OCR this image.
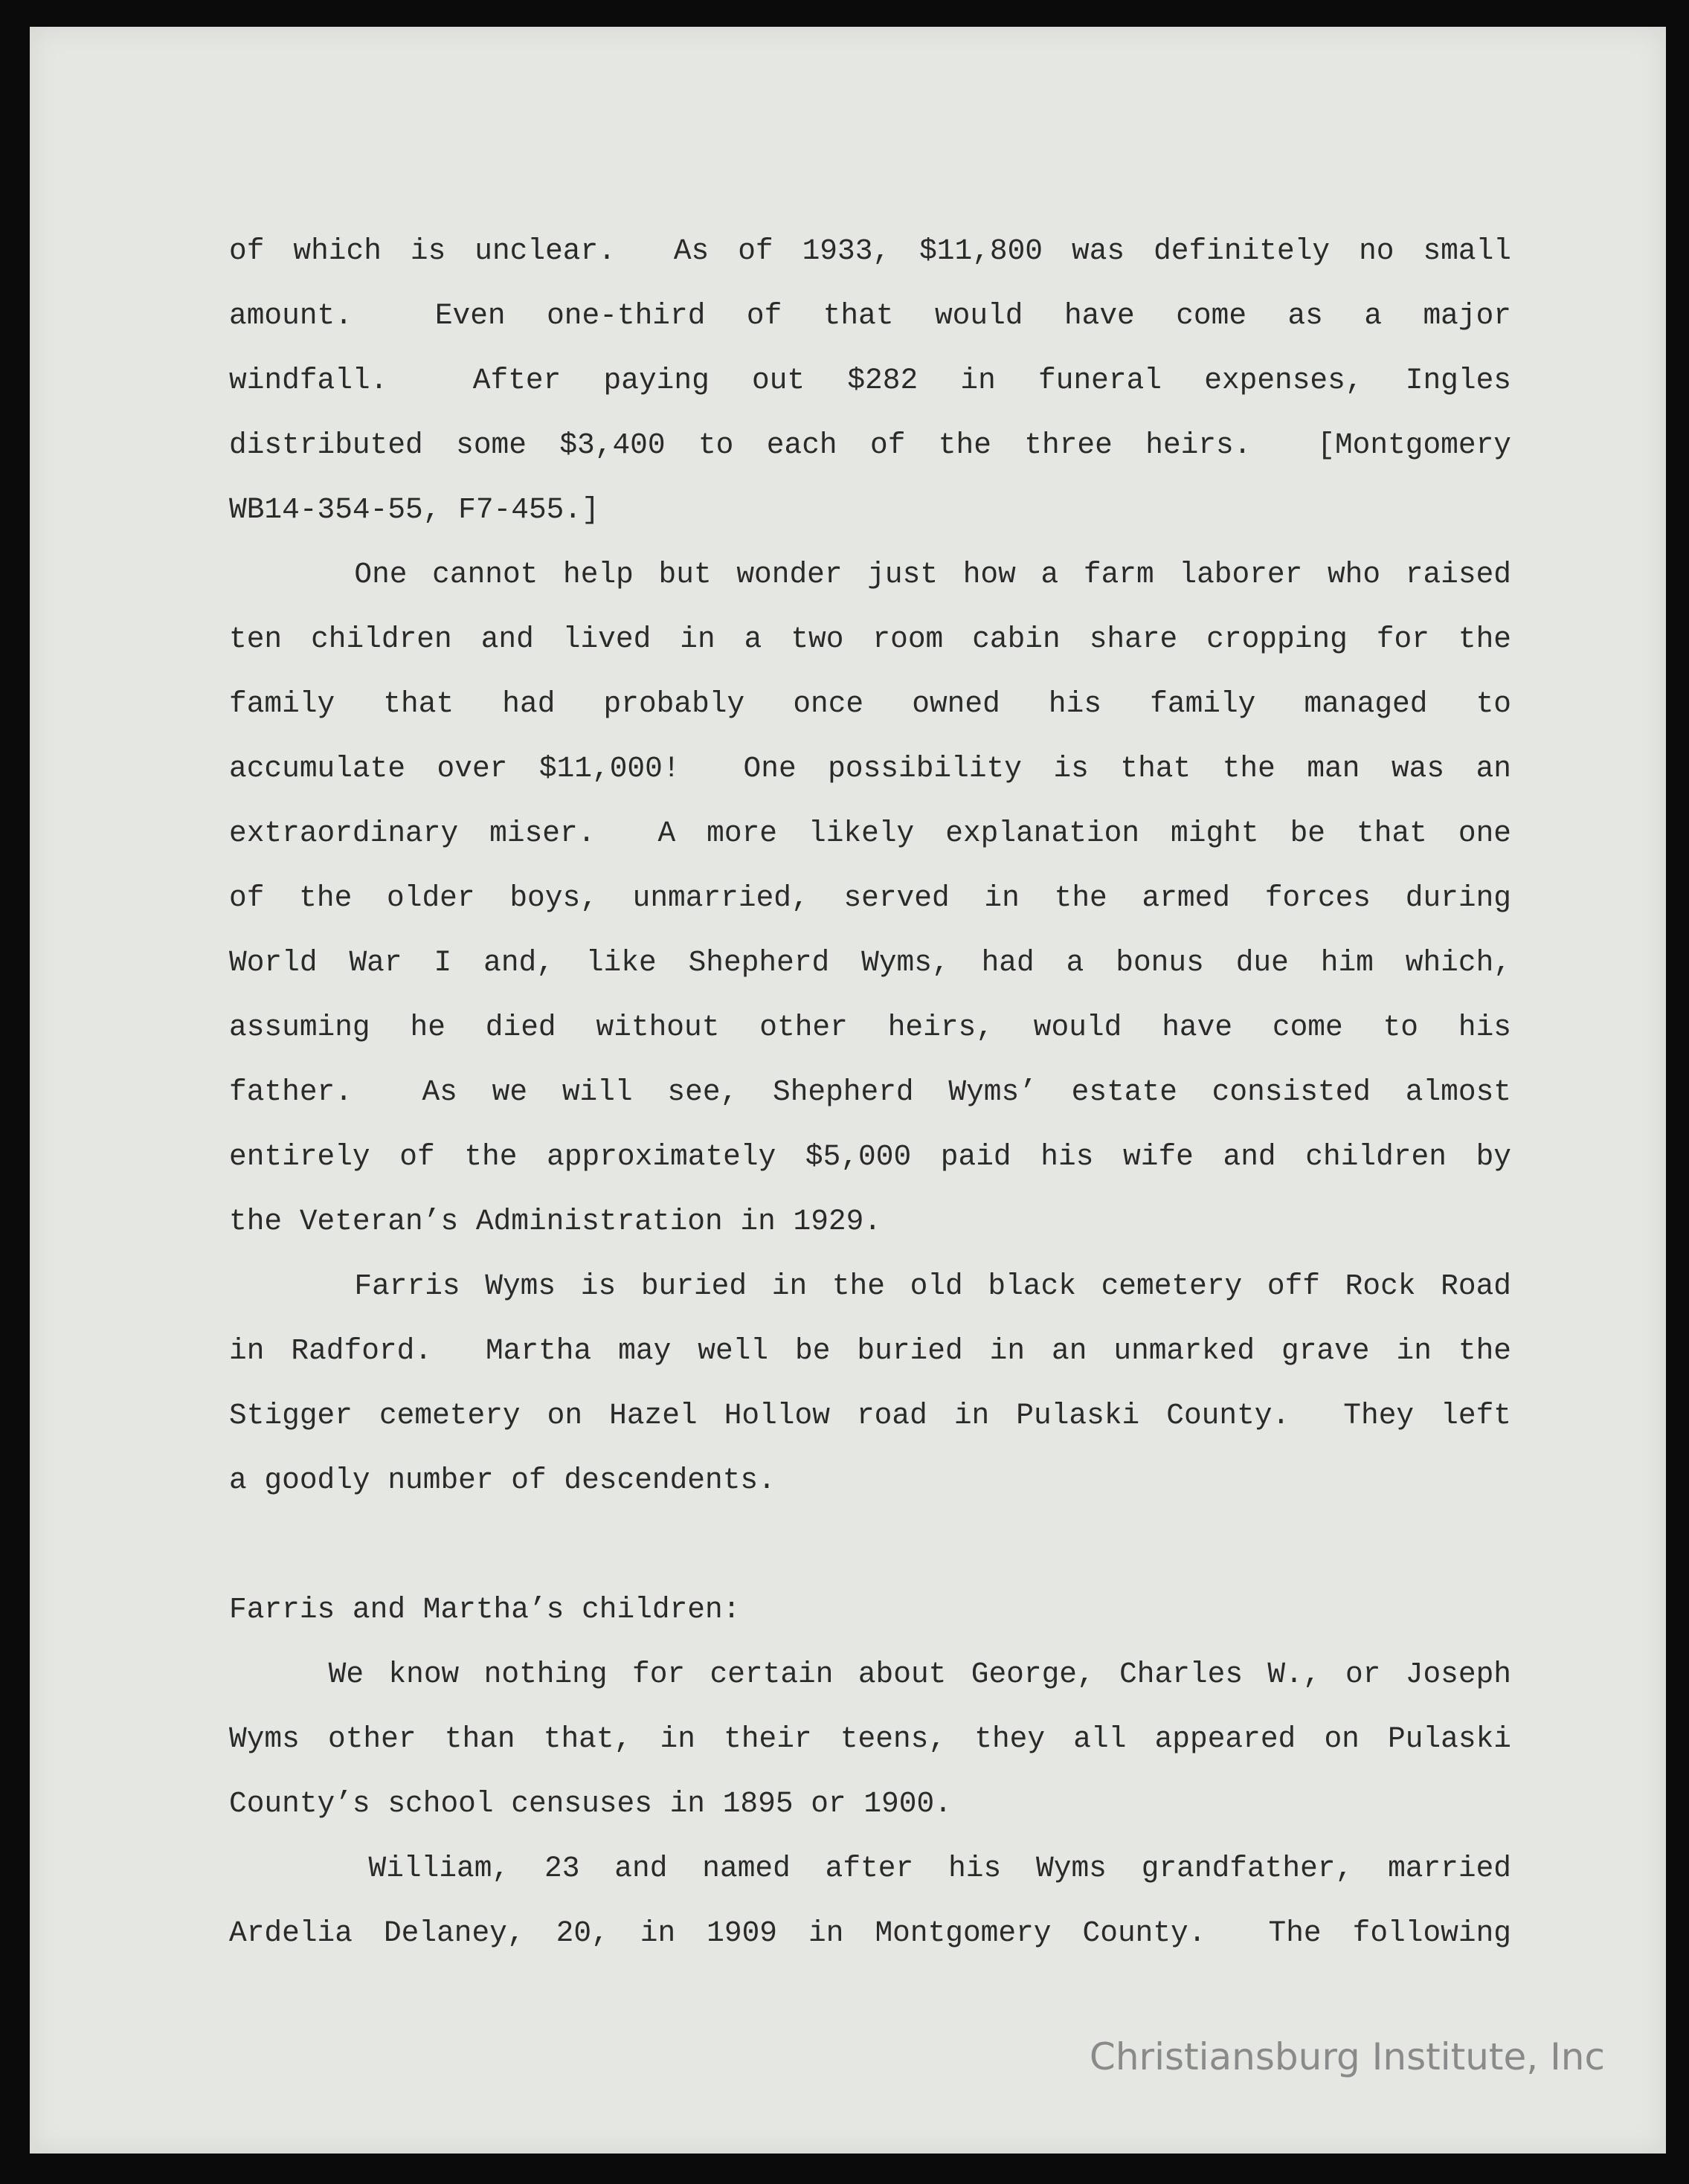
of which is unclear.  As of 1933, $11,800 was definitely no small
amount.  Even one-third of that would have come as a major
windfall.  After paying out $282 in funeral expenses, Ingles
distributed some $3,400 to each of the three heirs.  [Montgomery
WB14-354-55, F7-455.]
One cannot help but wonder just how a farm laborer who raised
ten children and lived in a two room cabin share cropping for the
family that had probably once owned his family managed to
accumulate over $11,000!  One possibility is that the man was an
extraordinary miser.  A more likely explanation might be that one
of the older boys, unmarried, served in the armed forces during
World War I and, like Shepherd Wyms, had a bonus due him which,
assuming he died without other heirs, would have come to his
father.  As we will see, Shepherd Wyms’ estate consisted almost
entirely of the approximately $5,000 paid his wife and children by
the Veteran’s Administration in 1929.
Farris Wyms is buried in the old black cemetery off Rock Road
in Radford.  Martha may well be buried in an unmarked grave in the
Stigger cemetery on Hazel Hollow road in Pulaski County.  They left
a goodly number of descendents.
Farris and Martha’s children:
We know nothing for certain about George, Charles W., or Joseph
Wyms other than that, in their teens, they all appeared on Pulaski
County’s school censuses in 1895 or 1900.
William, 23 and named after his Wyms grandfather, married
Ardelia Delaney, 20, in 1909 in Montgomery County.  The following
Christiansburg Institute, Inc
